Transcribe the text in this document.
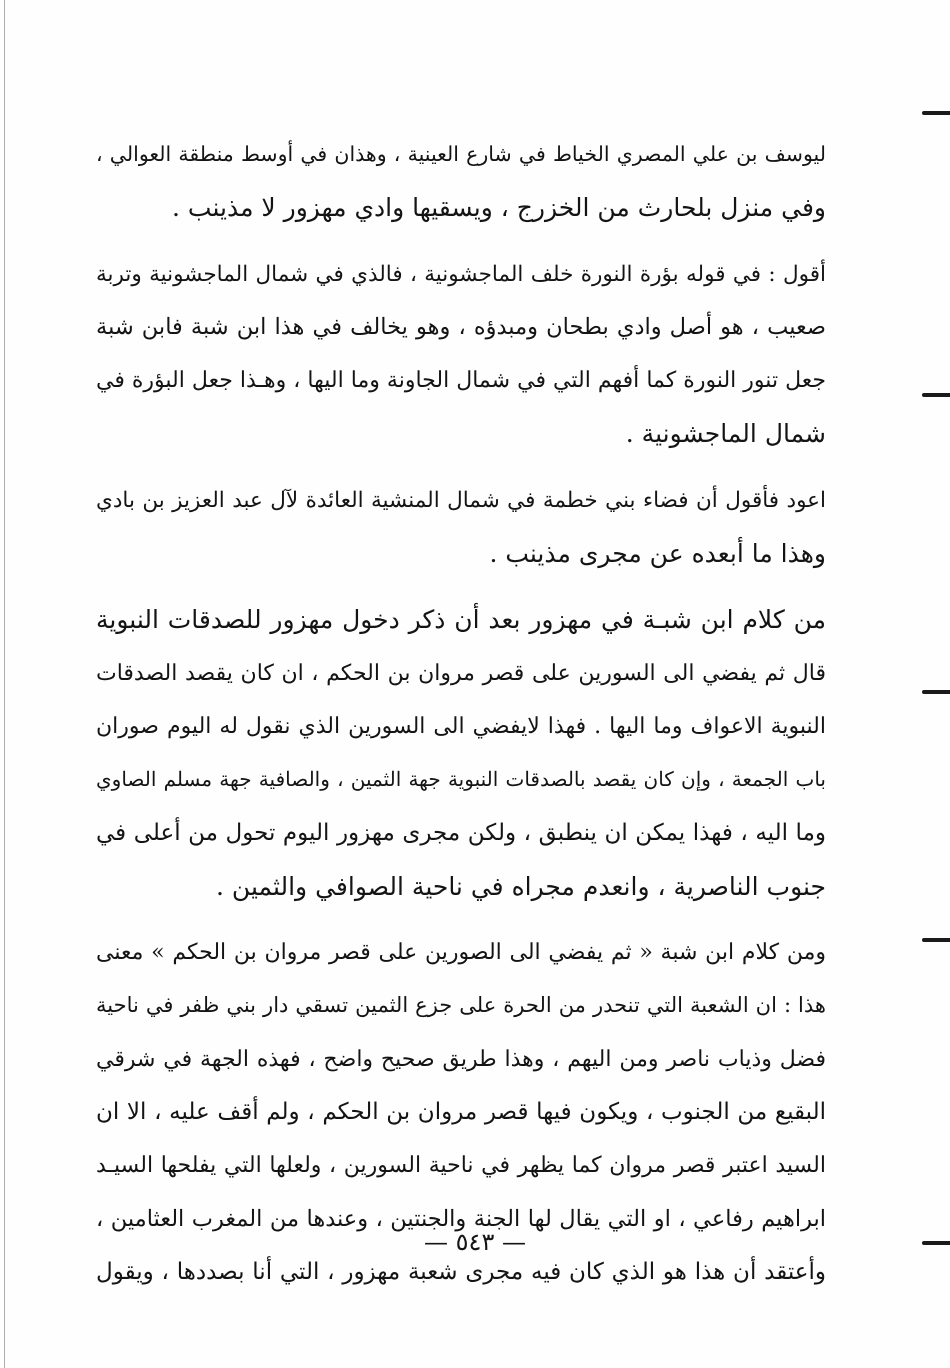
ليوسف بن علي المصري الخياط في شارع العينية ، وهذان في أوسط منطقة العوالي ،
وفي منزل بلحارث من الخزرج ، ويسقيها وادي مهزور لا مذينب .
أقول : في قوله بؤرة النورة خلف الماجشونية ، فالذي في شمال الماجشونية وتربة
صعيب ، هو أصل وادي بطحان ومبدؤه ، وهو يخالف في هذا ابن شبة فابن شبة
جعل تنور النورة كما أفهم التي في شمال الجاونة وما اليها ، وهـذا جعل البؤرة في
شمال الماجشونية .
اعود فأقول أن فضاء بني خطمة في شمال المنشية العائدة لآل عبد العزيز بن بادي
وهذا ما أبعده عن مجرى مذينب .
من كلام ابن شبـة في مهزور بعد أن ذكر دخول مهزور للصدقات النبوية
قال ثم يفضي الى السورين على قصر مروان بن الحكم ، ان كان يقصد الصدقات
النبوية الاعواف وما اليها . فهذا لايفضي الى السورين الذي نقول له اليوم صوران
باب الجمعة ، وإن كان يقصد بالصدقات النبوية جهة الثمين ، والصافية جهة مسلم الصاوي
وما اليه ، فهذا يمكن ان ينطبق ، ولكن مجرى مهزور اليوم تحول من أعلى في
جنوب الناصرية ، وانعدم مجراه في ناحية الصوافي والثمين .
ومن كلام ابن شبة « ثم يفضي الى الصورين على قصر مروان بن الحكم » معنى
هذا : ان الشعبة التي تنحدر من الحرة على جزع الثمين تسقي دار بني ظفر في ناحية
فضل وذياب ناصر ومن اليهم ، وهذا طريق صحيح واضح ، فهذه الجهة في شرقي
البقيع من الجنوب ، ويكون فيها قصر مروان بن الحكم ، ولم أقف عليه ، الا ان
السيد اعتبر قصر مروان كما يظهر في ناحية السورين ، ولعلها التي يفلحها السيـد
ابراهيم رفاعي ، او التي يقال لها الجنة والجنتين ، وعندها من المغرب العثامين ،
وأعتقد أن هذا هو الذي كان فيه مجرى شعبة مهزور ، التي أنا بصددها ، ويقول
— ٥٤٣ —
